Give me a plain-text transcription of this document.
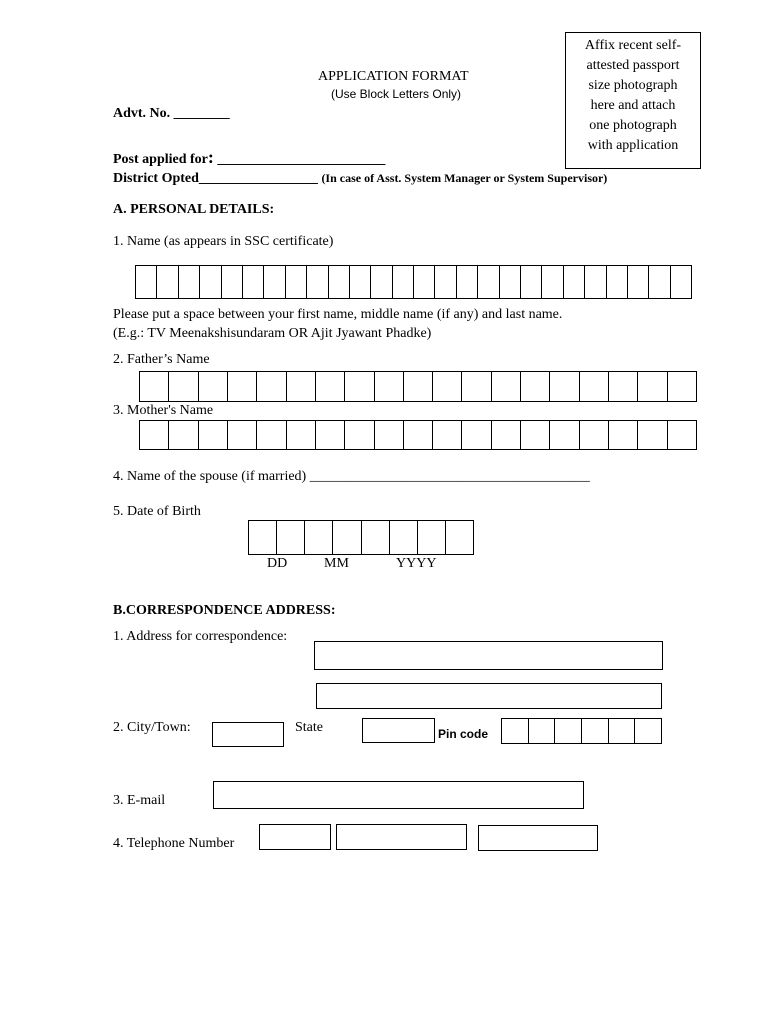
Affix recent self-
attested passport
size photograph
here and attach
one photograph
with application
APPLICATION FORMAT
(Use Block Letters Only)
Advt. No. ________
Post applied for: ________________________
District Opted_________________ (In case of Asst. System Manager or System Supervisor)
A. PERSONAL DETAILS:
1. Name (as appears in SSC certificate)
Please put a space between your first name, middle name (if any) and last name.
(E.g.: TV Meenakshisundaram OR Ajit Jyawant Phadke)
2. Father’s Name
3. Mother's Name
4. Name of the spouse (if married) ________________________________________
5. Date of Birth
DD	MM	YYYY
B.CORRESPONDENCE ADDRESS:
1. Address for correspondence:
2. City/Town:	State	Pin code
3. E-mail
4. Telephone Number
